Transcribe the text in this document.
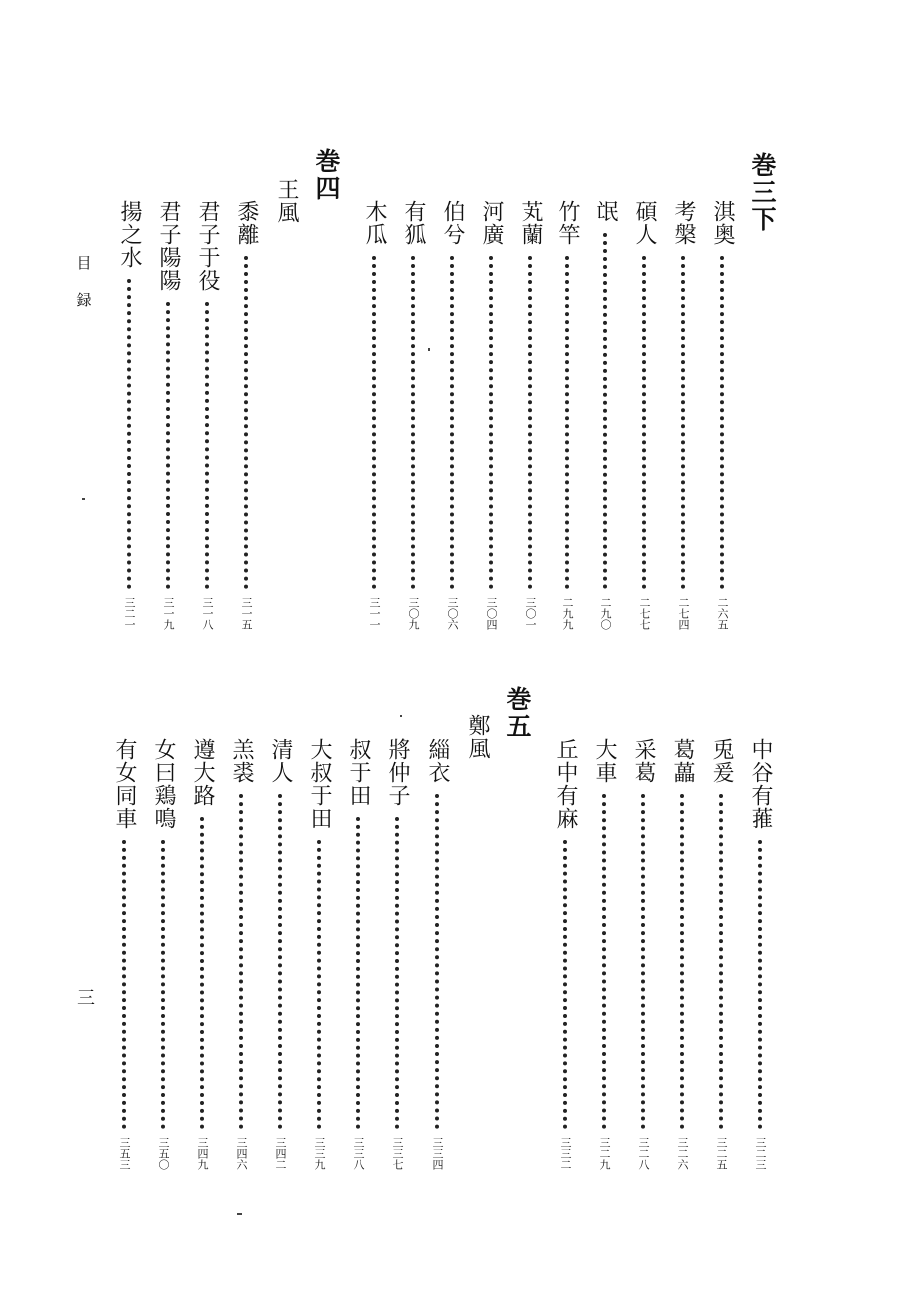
巻三下
淇奥
二六五
考槃
二七四
碩人
二七七
氓
二九〇
竹竿
二九九
芄蘭
三〇一
河廣
三〇四
伯兮
三〇六
有狐
三〇九
木瓜
三一一
巻四
王風
黍離
三一五
君子于役
三一八
君子陽陽
三一九
揚之水
三二一
中谷有蓷
三二三
兎爰
三二五
葛藟
三二六
采葛
三二八
大車
三二九
丘中有麻
三三二
巻五
鄭風
緇衣
三三四
將仲子
三三七
叔于田
三三八
大叔于田
三三九
清人
三四二
羔裘
三四六
遵大路
三四九
女曰鶏鳴
三五〇
有女同車
三五三
目録
三
